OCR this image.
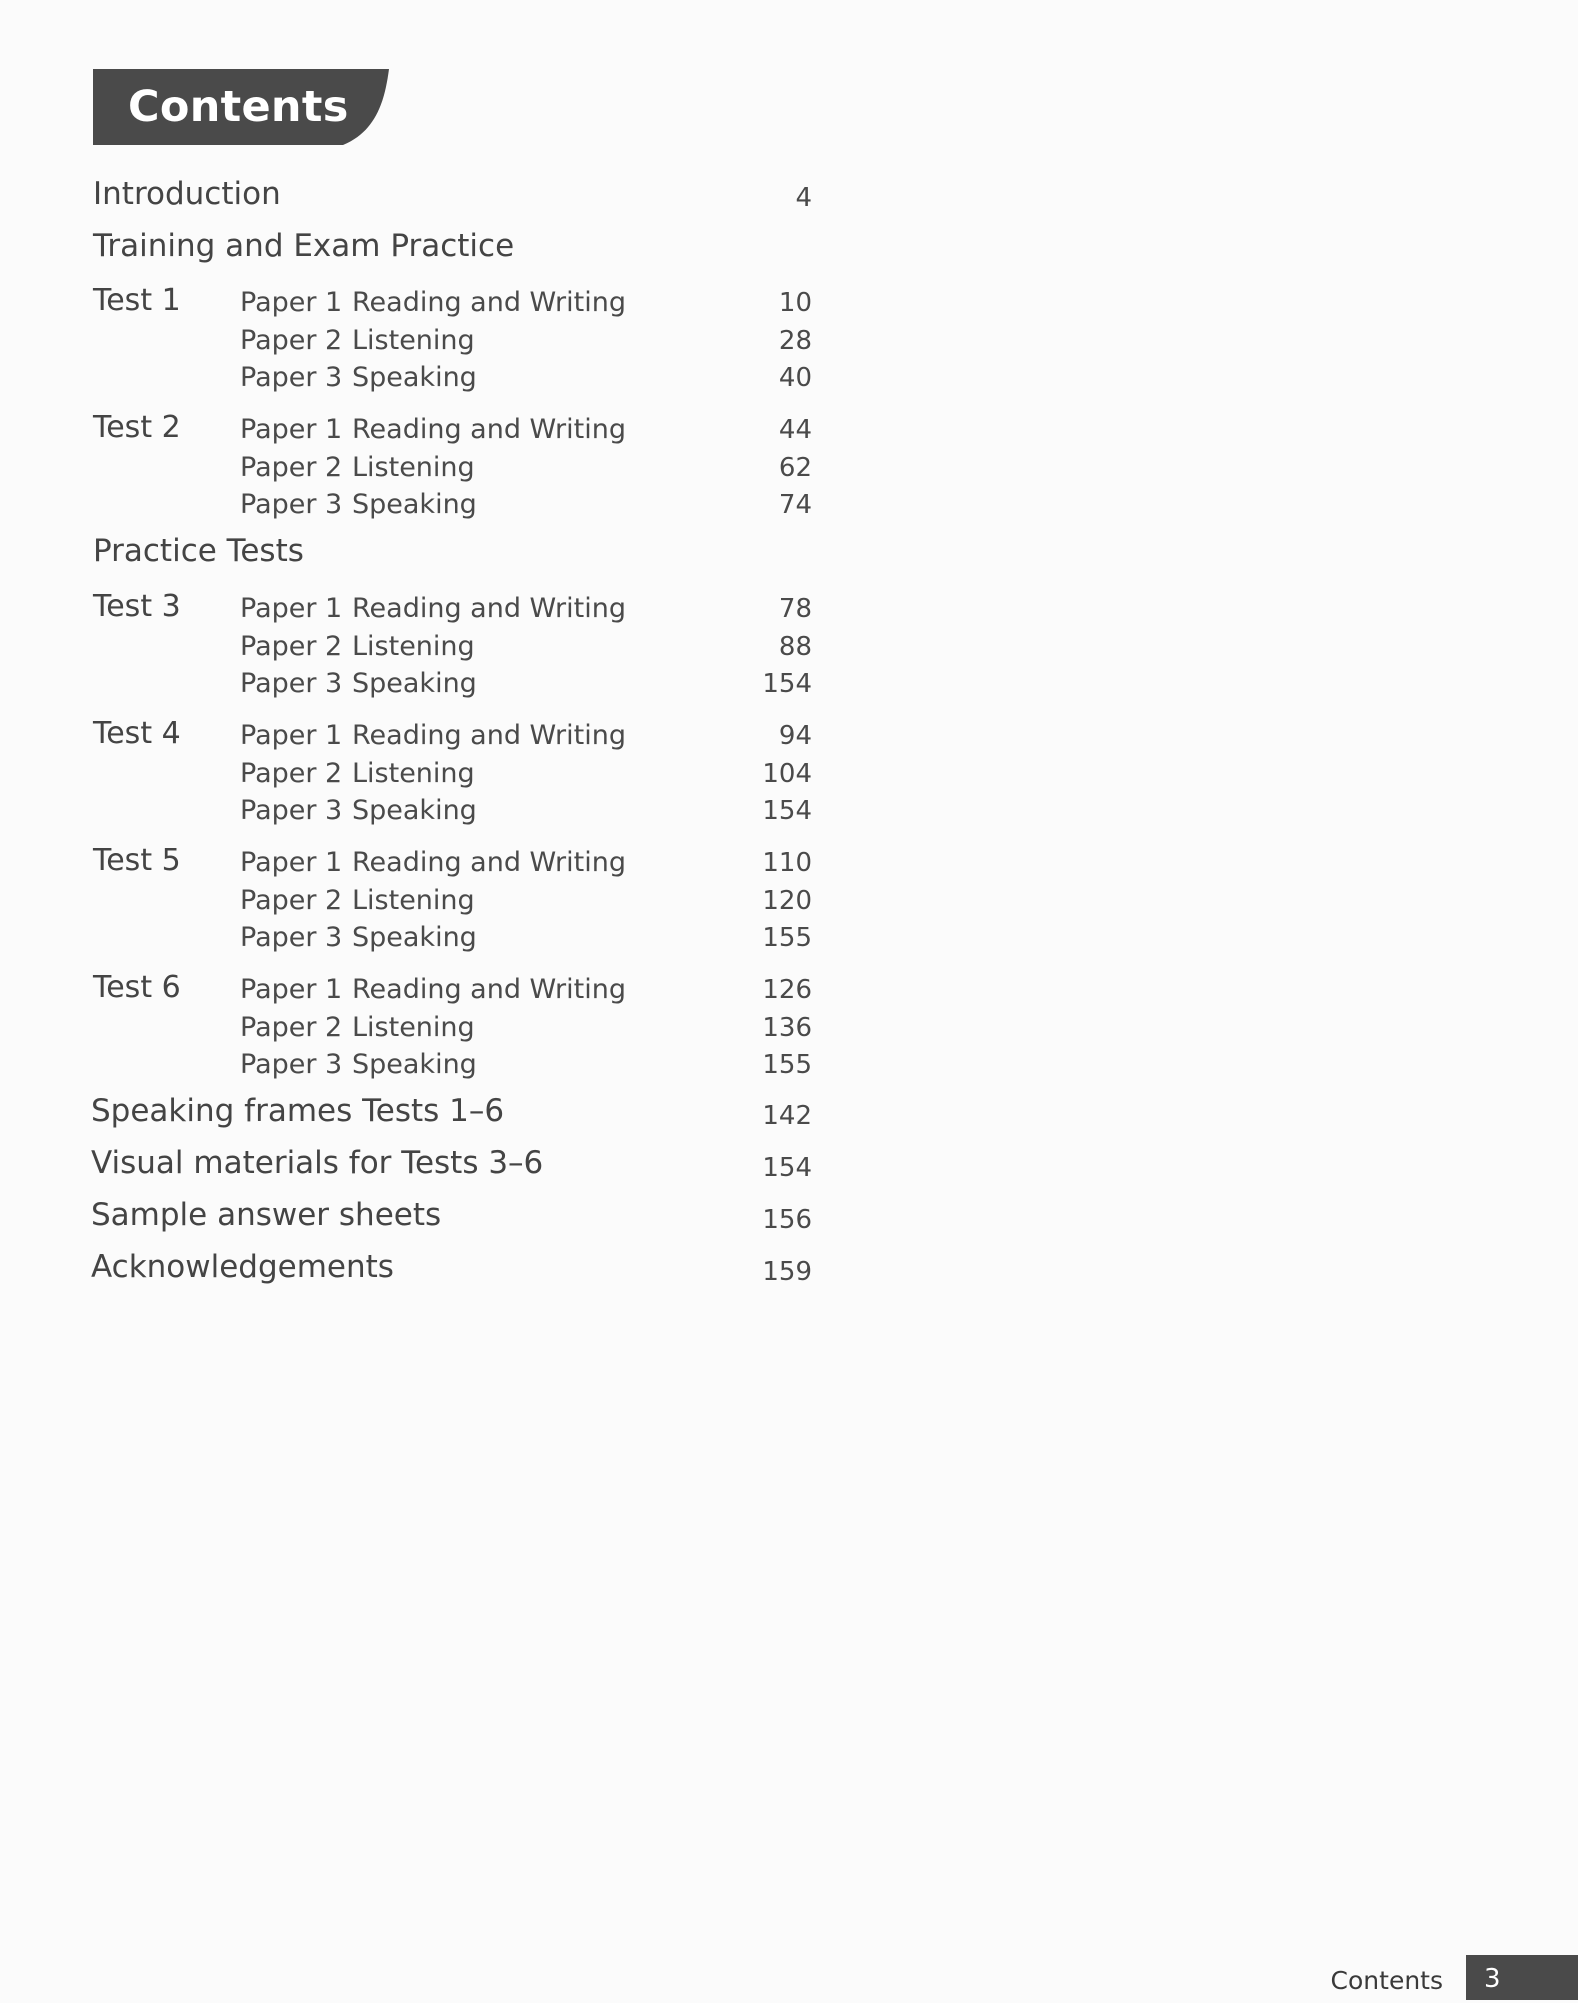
Contents
Introduction	4
Training and Exam Practice
Test 1 Paper 1 Reading and Writing	10
Paper 2 Listening	28
Paper 3 Speaking	40
Test 2 Paper 1 Reading and Writing	44
Paper 2 Listening	62
Paper 3 Speaking	74
Practice Tests
Test 3 Paper 1 Reading and Writing	78
Paper 2 Listening	88
Paper 3 Speaking	154
Test 4 Paper 1 Reading and Writing	94
Paper 2 Listening	104
Paper 3 Speaking	154
Test 5 Paper 1 Reading and Writing	110
Paper 2 Listening	120
Paper 3 Speaking	155
Test 6 Paper 1 Reading and Writing	126
Paper 2 Listening	136
Paper 3 Speaking	155
Speaking frames Tests 1–6	142
Visual materials for Tests 3–6	154
Sample answer sheets	156
Acknowledgements	159
Contents	3
